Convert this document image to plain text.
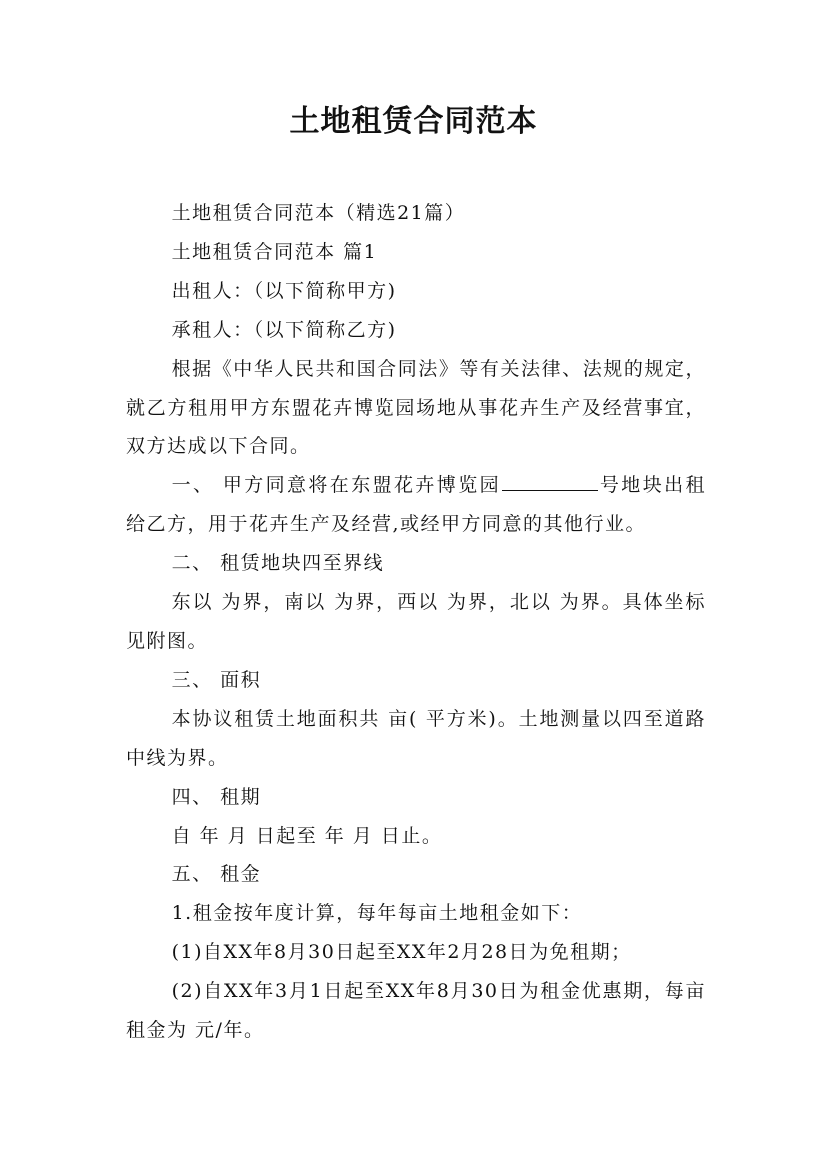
土地租赁合同范本

土地租赁合同范本（精选21篇）

土地租赁合同范本 篇1

出租人：（以下简称甲方)

承租人：（以下简称乙方)

根据《中华人民共和国合同法》等有关法律、法规的规定，就乙方租用甲方东盟花卉博览园场地从事花卉生产及经营事宜，双方达成以下合同。

一、 甲方同意将在东盟花卉博览园	号地块出租给乙方，用于花卉生产及经营,或经甲方同意的其他行业。

二、 租赁地块四至界线

东以 为界，南以 为界，西以 为界，北以 为界。具体坐标见附图。

三、 面积

本协议租赁土地面积共 亩( 平方米)。土地测量以四至道路中线为界。

四、 租期

自 年 月 日起至 年 月 日止。

五、 租金

1.租金按年度计算，每年每亩土地租金如下：

(1)自XX年8月30日起至XX年2月28日为免租期；

(2)自XX年3月1日起至XX年8月30日为租金优惠期，每亩租金为 元/年。
